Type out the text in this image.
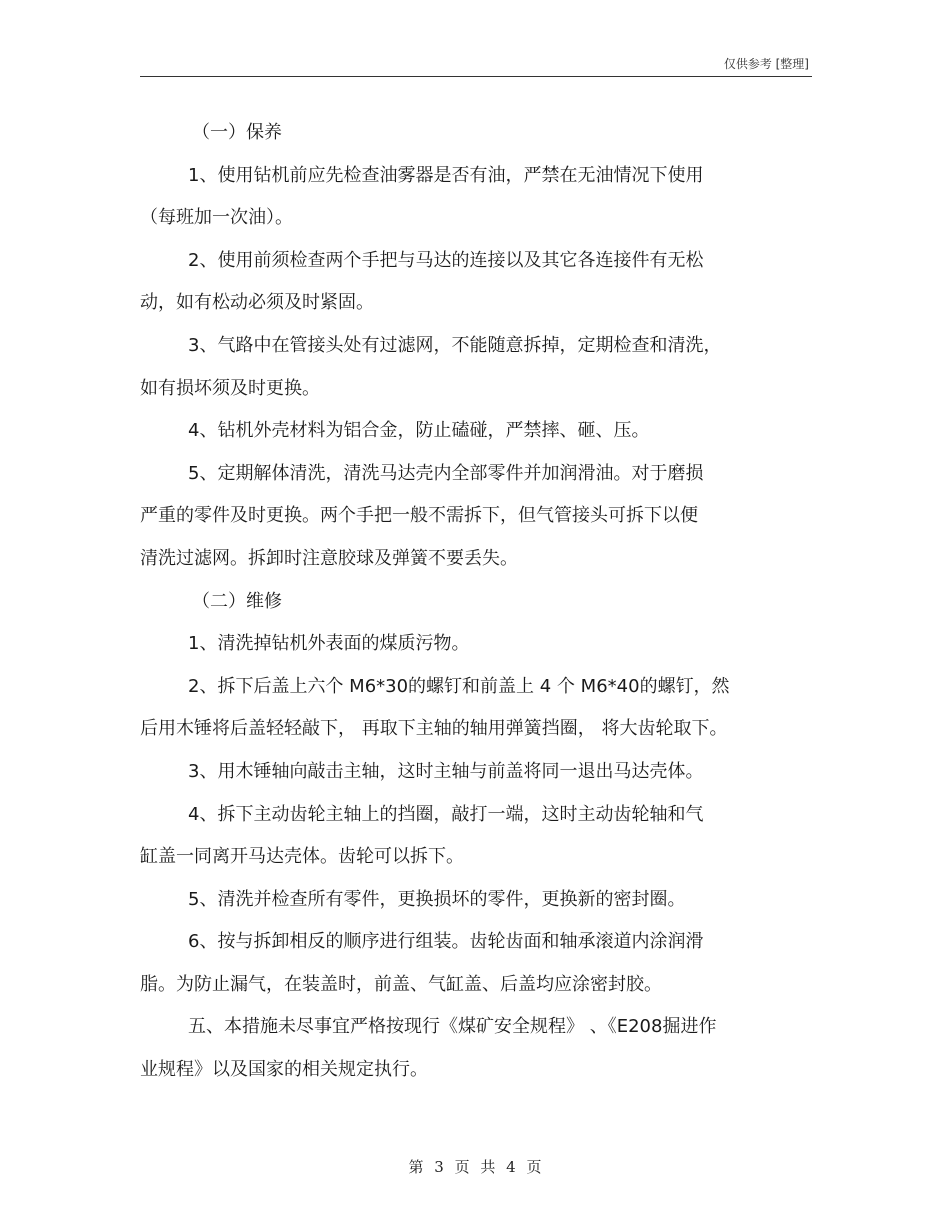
仅供参考 [整理]
（一）保养
1、使用钻机前应先检查油雾器是否有油，严禁在无油情况下使用
（每班加一次油）。
2、使用前须检查两个手把与马达的连接以及其它各连接件有无松
动，如有松动必须及时紧固。
3、气路中在管接头处有过滤网，不能随意拆掉，定期检查和清洗，
如有损坏须及时更换。
4、钻机外壳材料为铝合金，防止磕碰，严禁摔、砸、压。
5、定期解体清洗，清洗马达壳内全部零件并加润滑油。对于磨损
严重的零件及时更换。两个手把一般不需拆下，但气管接头可拆下以便
清洗过滤网。拆卸时注意胶球及弹簧不要丢失。
（二）维修
1、清洗掉钻机外表面的煤质污物。
2、拆下后盖上六个 M6*30的螺钉和前盖上 4 个 M6*40的螺钉，然
后用木锤将后盖轻轻敲下， 再取下主轴的轴用弹簧挡圈， 将大齿轮取下。
3、用木锤轴向敲击主轴，这时主轴与前盖将同一退出马达壳体。
4、拆下主动齿轮主轴上的挡圈，敲打一端，这时主动齿轮轴和气
缸盖一同离开马达壳体。齿轮可以拆下。
5、清洗并检查所有零件，更换损坏的零件，更换新的密封圈。
6、按与拆卸相反的顺序进行组装。齿轮齿面和轴承滚道内涂润滑
脂。为防止漏气，在装盖时，前盖、气缸盖、后盖均应涂密封胶。
五、本措施未尽事宜严格按现行《煤矿安全规程》 、《E208掘进作
业规程》以及国家的相关规定执行。
第 3 页 共 4 页
